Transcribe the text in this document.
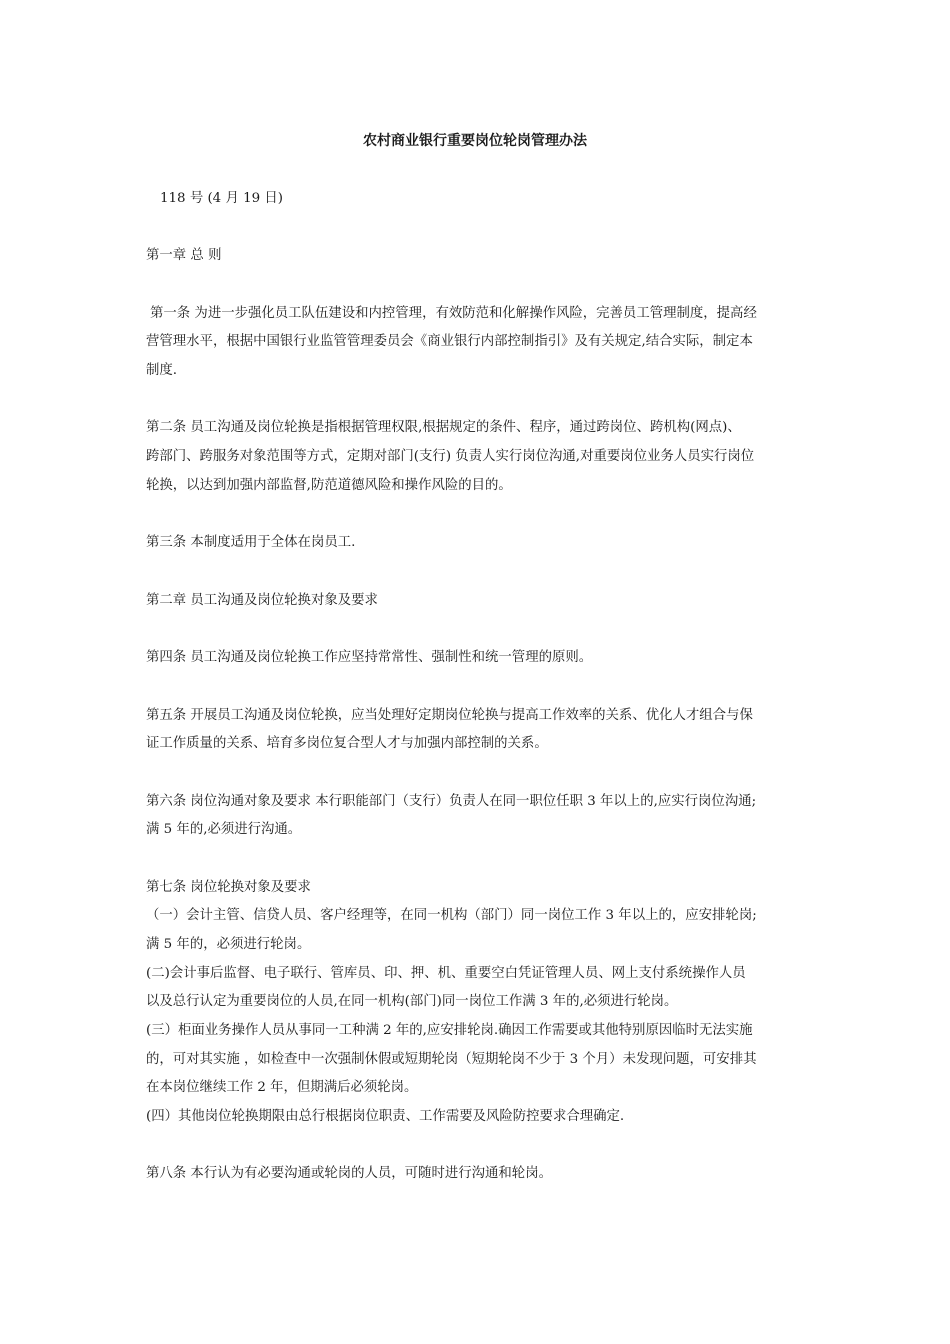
农村商业银行重要岗位轮岗管理办法

118 号 (4 月 19 日)

第一章 总 则

第一条 为进一步强化员工队伍建设和内控管理，有效防范和化解操作风险，完善员工管理制度，提高经

营管理水平，根据中国银行业监管管理委员会《商业银行内部控制指引》及有关规定,结合实际，制定本

制度.

第二条 员工沟通及岗位轮换是指根据管理权限,根据规定的条件、程序，通过跨岗位、跨机构(网点)、

跨部门、跨服务对象范围等方式，定期对部门(支行) 负责人实行岗位沟通,对重要岗位业务人员实行岗位

轮换，以达到加强内部监督,防范道德风险和操作风险的目的。

第三条 本制度适用于全体在岗员工.

第二章 员工沟通及岗位轮换对象及要求

第四条 员工沟通及岗位轮换工作应坚持常常性、强制性和统一管理的原则。

第五条 开展员工沟通及岗位轮换，应当处理好定期岗位轮换与提高工作效率的关系、优化人才组合与保

证工作质量的关系、培育多岗位复合型人才与加强内部控制的关系。

第六条 岗位沟通对象及要求 本行职能部门（支行）负责人在同一职位任职 3 年以上的,应实行岗位沟通;

满 5 年的,必须进行沟通。

第七条 岗位轮换对象及要求

（一）会计主管、信贷人员、客户经理等，在同一机构（部门）同一岗位工作 3 年以上的，应安排轮岗;

满 5 年的，必须进行轮岗。

(二)会计事后监督、电子联行、管库员、印、押、机、重要空白凭证管理人员、网上支付系统操作人员

以及总行认定为重要岗位的人员,在同一机构(部门)同一岗位工作满 3 年的,必须进行轮岗。

(三）柜面业务操作人员从事同一工种满 2 年的,应安排轮岗.确因工作需要或其他特别原因临时无法实施

的，可对其实施 ，如检查中一次强制休假或短期轮岗（短期轮岗不少于 3 个月）未发现问题，可安排其

在本岗位继续工作 2 年，但期满后必须轮岗。

(四）其他岗位轮换期限由总行根据岗位职责、工作需要及风险防控要求合理确定.

第八条 本行认为有必要沟通或轮岗的人员，可随时进行沟通和轮岗。
